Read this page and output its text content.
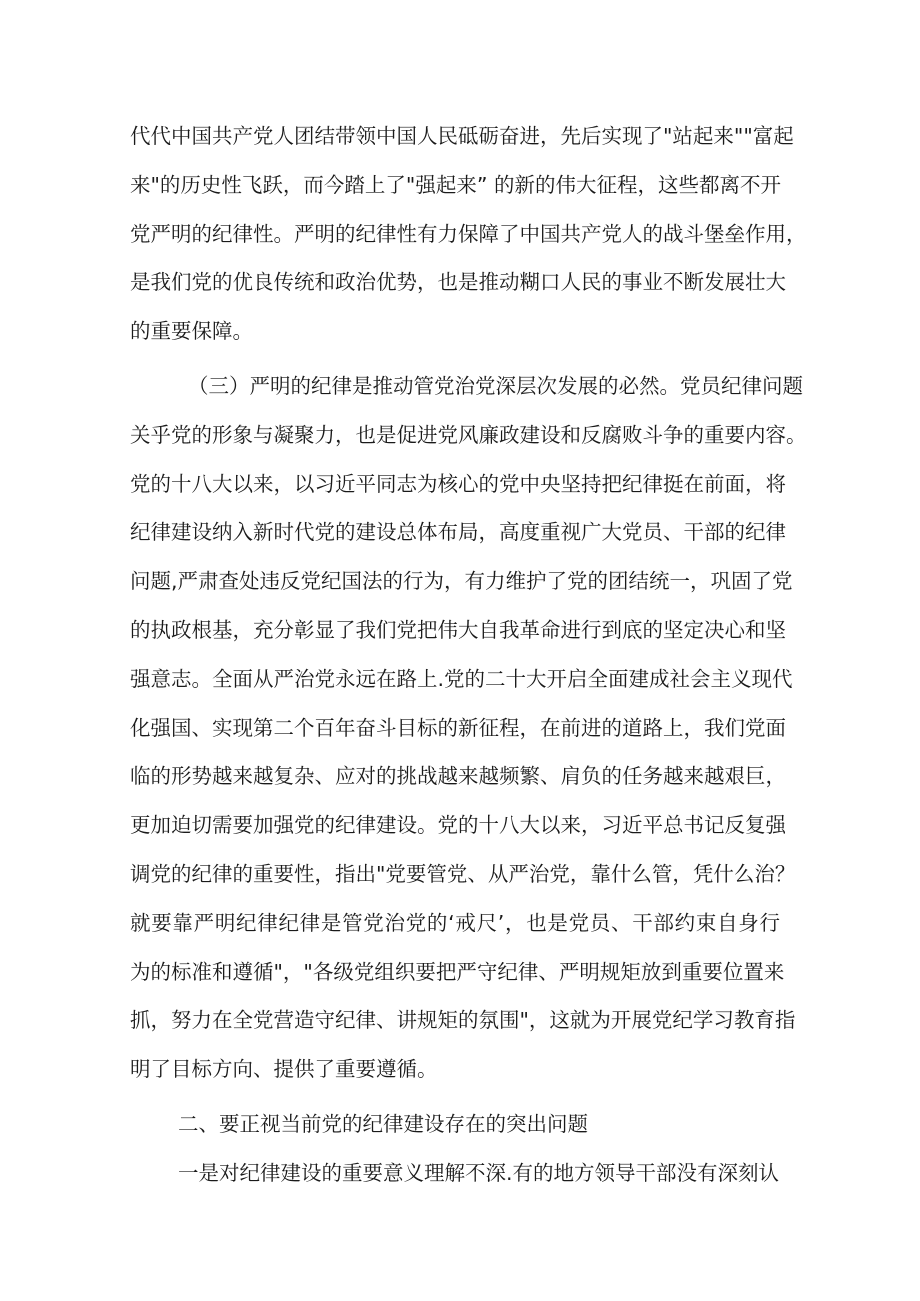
代代中国共产党人团结带领中国人民砥砺奋进，先后实现了"站起来""富起
来"的历史性飞跃，而今踏上了"强起来” 的新的伟大征程，这些都离不开
党严明的纪律性。严明的纪律性有力保障了中国共产党人的战斗堡垒作用，
是我们党的优良传统和政治优势，也是推动糊口人民的事业不断发展壮大
的重要保障。
（三）严明的纪律是推动管党治党深层次发展的必然。党员纪律问题
关乎党的形象与凝聚力，也是促进党风廉政建设和反腐败斗争的重要内容。
党的十八大以来，以习近平同志为核心的党中央坚持把纪律挺在前面，将
纪律建设纳入新时代党的建设总体布局，高度重视广大党员、干部的纪律
问题,严肃查处违反党纪国法的行为，有力维护了党的团结统一，巩固了党
的执政根基，充分彰显了我们党把伟大自我革命进行到底的坚定决心和坚
强意志。全面从严治党永远在路上.党的二十大开启全面建成社会主义现代
化强国、实现第二个百年奋斗目标的新征程，在前进的道路上，我们党面
临的形势越来越复杂、应对的挑战越来越频繁、肩负的任务越来越艰巨，
更加迫切需要加强党的纪律建设。党的十八大以来，习近平总书记反复强
调党的纪律的重要性，指出"党要管党、从严治党，靠什么管，凭什么治？
就要靠严明纪律纪律是管党治党的‘戒尺’，也是党员、干部约束自身行
为的标准和遵循"，"各级党组织要把严守纪律、严明规矩放到重要位置来
抓，努力在全党营造守纪律、讲规矩的氛围"，这就为开展党纪学习教育指
明了目标方向、提供了重要遵循。
二、要正视当前党的纪律建设存在的突出问题
一是对纪律建设的重要意义理解不深.有的地方领导干部没有深刻认
